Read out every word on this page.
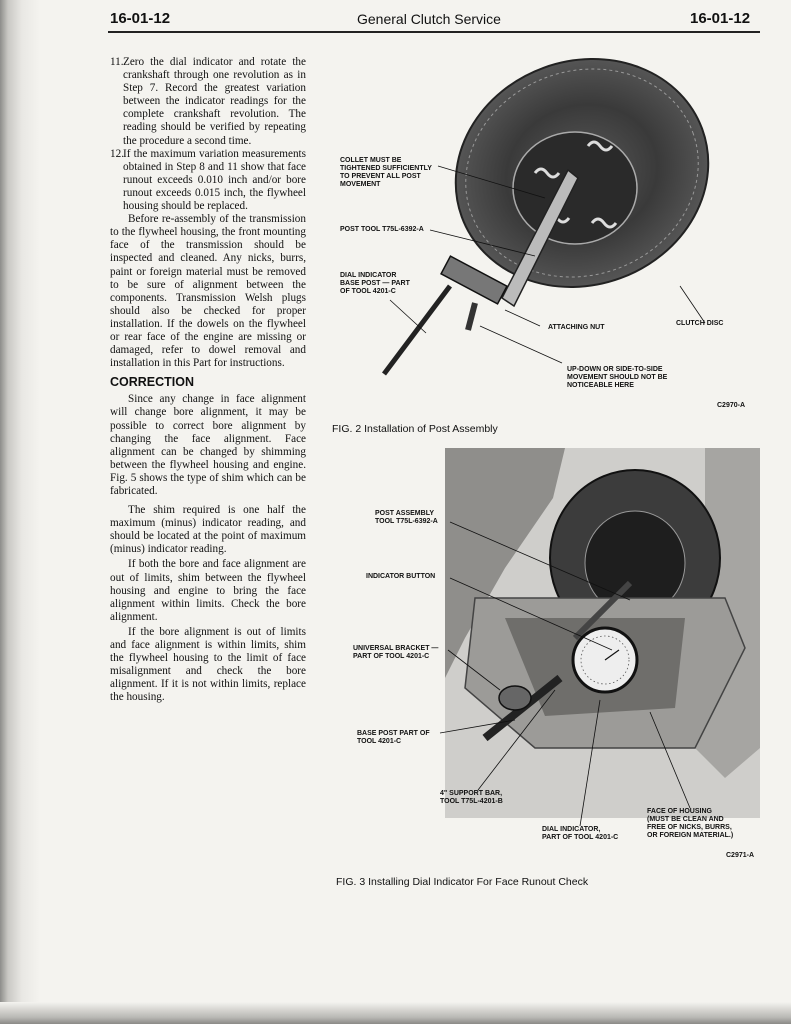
16-01-12	General Clutch Service	16-01-12
11. Zero the dial indicator and rotate the crankshaft through one revolution as in Step 7. Record the greatest variation between the indicator readings for the complete crankshaft revolution. The reading should be verified by repeating the procedure a second time.
12. If the maximum variation measurements obtained in Step 8 and 11 show that face runout exceeds 0.010 inch and/or bore runout exceeds 0.015 inch, the flywheel housing should be replaced.

Before re-assembly of the transmission to the flywheel housing, the front mounting face of the transmission should be inspected and cleaned. Any nicks, burrs, paint or foreign material must be removed to be sure of alignment between the components. Transmission Welsh plugs should also be checked for proper installation. If the dowels on the flywheel or rear face of the engine are missing or damaged, refer to dowel removal and installation in this Part for instructions.

CORRECTION

Since any change in face alignment will change bore alignment, it may be possible to correct bore alignment by changing the face alignment. Face alignment can be changed by shimming between the flywheel housing and engine. Fig. 5 shows the type of shim which can be fabricated.

The shim required is one half the maximum (minus) indicator reading, and should be located at the point of maximum (minus) indicator reading.

If both the bore and face alignment are out of limits, shim between the flywheel housing and engine to bring the face alignment within limits. Check the bore alignment.

If the bore alignment is out of limits and face alignment is within limits, shim the flywheel housing to the limit of face misalignment and check the bore alignment. If it is not within limits, replace the housing.

COLLET MUST BE
TIGHTENED SUFFICIENTLY
TO PREVENT ALL POST
MOVEMENT
POST TOOL T75L-6392-A
DIAL INDICATOR
BASE POST — PART
OF TOOL 4201-C
ATTACHING NUT
CLUTCH DISC
UP-DOWN OR SIDE-TO-SIDE
MOVEMENT SHOULD NOT BE
NOTICEABLE HERE
C2970-A
FIG. 2 Installation of Post Assembly
POST ASSEMBLY
TOOL T75L-6392-A
INDICATOR BUTTON
UNIVERSAL BRACKET —
PART OF TOOL 4201-C
BASE POST PART OF
TOOL 4201-C
4" SUPPORT BAR,
TOOL T75L-4201-B
DIAL INDICATOR,
PART OF TOOL 4201-C
FACE OF HOUSING
(MUST BE CLEAN AND
FREE OF NICKS, BURRS,
OR FOREIGN MATERIAL.)
C2971-A
FIG. 3 Installing Dial Indicator For Face Runout Check
